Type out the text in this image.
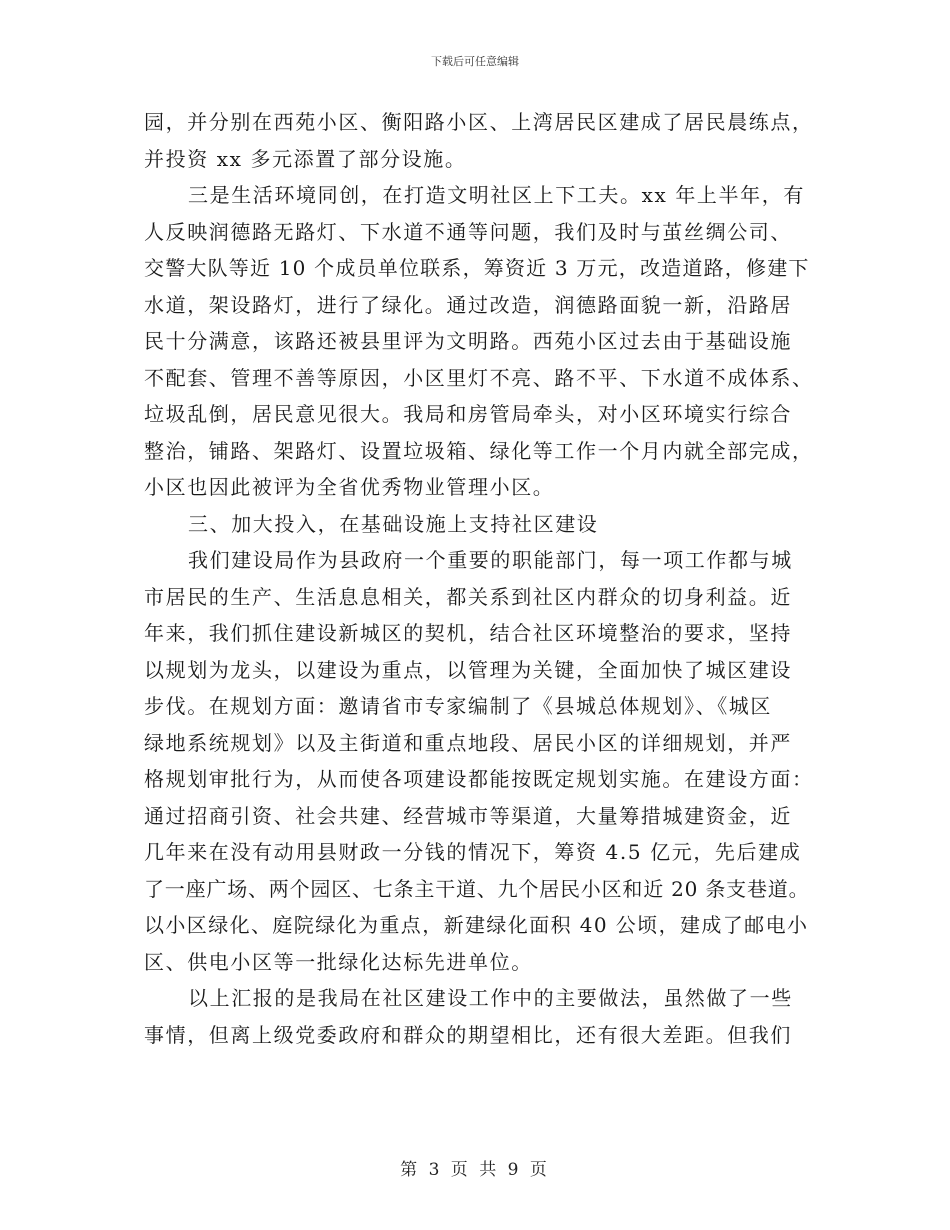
下载后可任意编辑
园，并分别在西苑小区、衡阳路小区、上湾居民区建成了居民晨练点，
并投资 xx 多元添置了部分设施。
三是生活环境同创，在打造文明社区上下工夫。xx 年上半年，有
人反映润德路无路灯、下水道不通等问题，我们及时与茧丝绸公司、
交警大队等近 10 个成员单位联系，筹资近 3 万元，改造道路，修建下
水道，架设路灯，进行了绿化。通过改造，润德路面貌一新，沿路居
民十分满意，该路还被县里评为文明路。西苑小区过去由于基础设施
不配套、管理不善等原因，小区里灯不亮、路不平、下水道不成体系、
垃圾乱倒，居民意见很大。我局和房管局牵头，对小区环境实行综合
整治，铺路、架路灯、设置垃圾箱、绿化等工作一个月内就全部完成，
小区也因此被评为全省优秀物业管理小区。
三、加大投入，在基础设施上支持社区建设
我们建设局作为县政府一个重要的职能部门，每一项工作都与城
市居民的生产、生活息息相关，都关系到社区内群众的切身利益。近
年来，我们抓住建设新城区的契机，结合社区环境整治的要求，坚持
以规划为龙头，以建设为重点，以管理为关键，全面加快了城区建设
步伐。在规划方面：邀请省市专家编制了《县城总体规划》、《城区
绿地系统规划》以及主街道和重点地段、居民小区的详细规划，并严
格规划审批行为，从而使各项建设都能按既定规划实施。在建设方面：
通过招商引资、社会共建、经营城市等渠道，大量筹措城建资金，近
几年来在没有动用县财政一分钱的情况下，筹资 4.5 亿元，先后建成
了一座广场、两个园区、七条主干道、九个居民小区和近 20 条支巷道。
以小区绿化、庭院绿化为重点，新建绿化面积 40 公顷，建成了邮电小
区、供电小区等一批绿化达标先进单位。
以上汇报的是我局在社区建设工作中的主要做法，虽然做了一些
事情，但离上级党委政府和群众的期望相比，还有很大差距。但我们
第 3 页 共 9 页
